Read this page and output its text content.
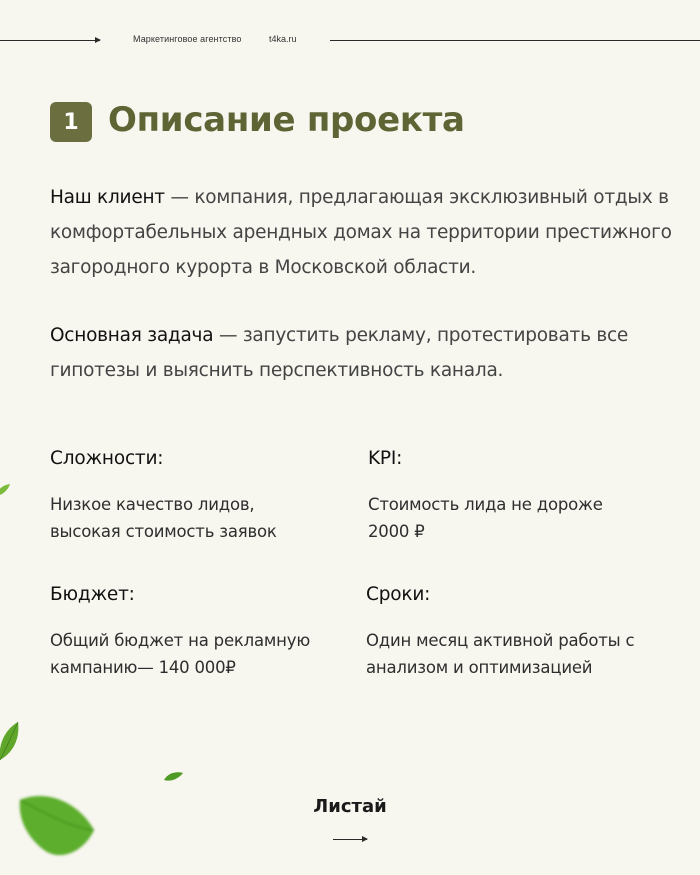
Маркетинговое агентство	t4ka.ru
1 Описание проекта

Наш клиент — компания, предлагающая эксклюзивный отдых в комфортабельных арендных домах на территории престижного загородного курорта в Московской области.

Основная задача — запустить рекламу, протестировать все гипотезы и выяснить перспективность канала.

Сложности:
Низкое качество лидов, высокая стоимость заявок
KPI:
Стоимость лида не дороже 2000 ₽
Бюджет:
Общий бюджет на рекламную кампанию— 140 000₽
Сроки:
Один месяц активной работы с анализом и оптимизацией
Листай
